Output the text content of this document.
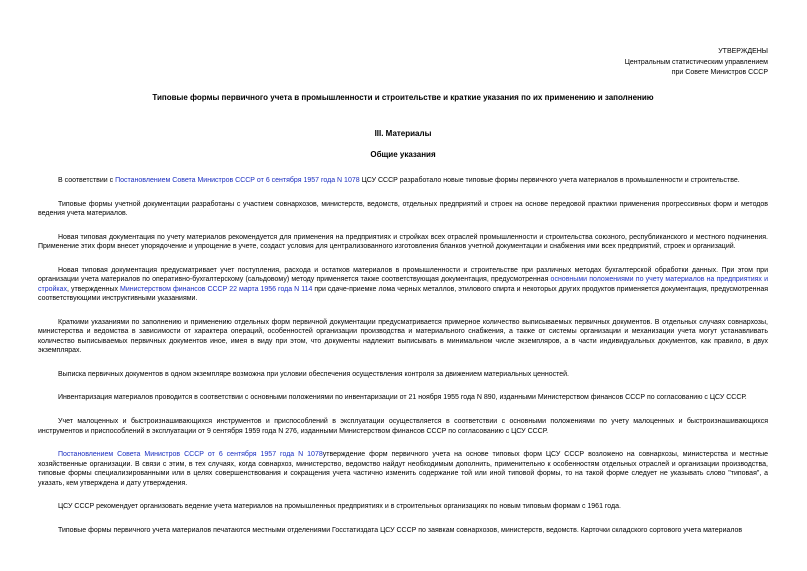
УТВЕРЖДЕНЫ
Центральным статистическим управлением
при Совете Министров СССР
Типовые формы первичного учета в промышленности и строительстве и краткие указания по их применению и заполнению
III. Материалы
Общие указания

В соответствии с Постановлением Совета Министров СССР от 6 сентября 1957 года N 1078 ЦСУ СССР разработало новые типовые формы первичного учета материалов в промышленности и строительстве.

Типовые формы учетной документации разработаны с участием совнархозов, министерств, ведомств, отдельных предприятий и строек на основе передовой практики применения прогрессивных форм и методов ведения учета материалов.

Новая типовая документация по учету материалов рекомендуется для применения на предприятиях и стройках всех отраслей промышленности и строительства союзного, республиканского и местного подчинения. Применение этих форм внесет упорядочение и упрощение в учете, создаст условия для централизованного изготовления бланков учетной документации и снабжения ими всех предприятий, строек и организаций.

Новая типовая документация предусматривает учет поступления, расхода и остатков материалов в промышленности и строительстве при различных методах бухгалтерской обработки данных. При этом при организации учета материалов по оперативно-бухгалтерскому (сальдовому) методу применяется также соответствующая документация, предусмотренная основными положениями по учету материалов на предприятиях и стройках, утвержденных Министерством финансов СССР 22 марта 1956 года N 114 при сдаче-приемке лома черных металлов, этилового спирта и некоторых других продуктов применяется документация, предусмотренная соответствующими инструктивными указаниями.

Краткими указаниями по заполнению и применению отдельных форм первичной документации предусматривается примерное количество выписываемых первичных документов. В отдельных случаях совнархозы, министерства и ведомства в зависимости от характера операций, особенностей организации производства и материального снабжения, а также от системы организации и механизации учета могут устанавливать количество выписываемых первичных документов иное, имея в виду при этом, что документы надлежит выписывать в минимальном числе экземпляров, а в части индивидуальных документов, как правило, в двух экземплярах.

Выписка первичных документов в одном экземпляре возможна при условии обеспечения осуществления контроля за движением материальных ценностей.

Инвентаризация материалов проводится в соответствии с основными положениями по инвентаризации от 21 ноября 1955 года N 890, изданными Министерством финансов СССР по согласованию с ЦСУ СССР.

Учет малоценных и быстроизнашивающихся инструментов и приспособлений в эксплуатации осуществляется в соответствии с основными положениями по учету малоценных и быстроизнашивающихся инструментов и приспособлений в эксплуатации от 9 сентября 1959 года N 276, изданными Министерством финансов СССР по согласованию с ЦСУ СССР.

Постановлением Совета Министров СССР от 6 сентября 1957 года N 1078утверждение форм первичного учета на основе типовых форм ЦСУ СССР возложено на совнархозы, министерства и местные хозяйственные организации. В связи с этим, в тех случаях, когда совнархоз, министерство, ведомство найдут необходимым дополнить, применительно к особенностям отдельных отраслей и организации производства, типовые формы специализированными или в целях совершенствования и сокращения учета частично изменить содержание той или иной типовой формы, то на такой форме следует не указывать слово "типовая", а указать, кем утверждена и дату утверждения.

ЦСУ СССР рекомендует организовать ведение учета материалов на промышленных предприятиях и в строительных организациях по новым типовым формам с 1961 года.

Типовые формы первичного учета материалов печатаются местными отделениями Госстатиздата ЦСУ СССР по заявкам совнархозов, министерств, ведомств. Карточки складского сортового учета материалов
